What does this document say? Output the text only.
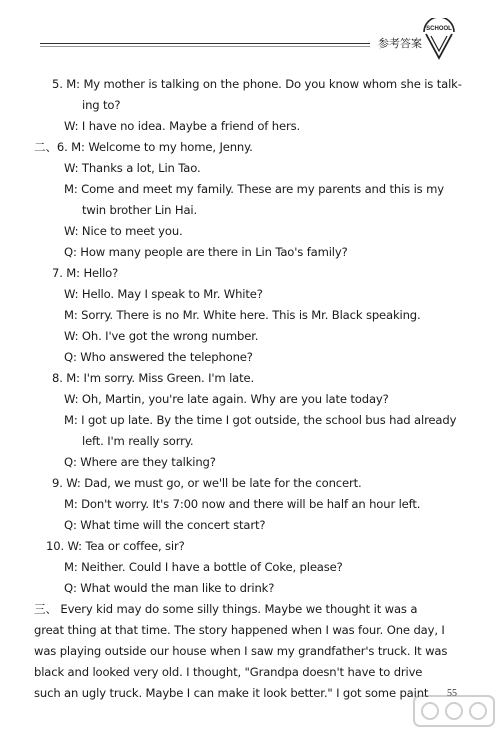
参考答案
SCHOOL
5. M: My mother is talking on the phone. Do you know whom she is talk-
ing to?
W: I have no idea. Maybe a friend of hers.
二、6. M: Welcome to my home, Jenny.
W: Thanks a lot, Lin Tao.
M: Come and meet my family. These are my parents and this is my
twin brother Lin Hai.
W: Nice to meet you.
Q: How many people are there in Lin Tao's family?
7. M: Hello?
W: Hello. May I speak to Mr. White?
M: Sorry. There is no Mr. White here. This is Mr. Black speaking.
W: Oh. I've got the wrong number.
Q: Who answered the telephone?
8. M: I'm sorry. Miss Green. I'm late.
W: Oh, Martin, you're late again. Why are you late today?
M: I got up late. By the time I got outside, the school bus had already
left. I'm really sorry.
Q: Where are they talking?
9. W: Dad, we must go, or we'll be late for the concert.
M: Don't worry. It's 7:00 now and there will be half an hour left.
Q: What time will the concert start?
10. W: Tea or coffee, sir?
M: Neither. Could I have a bottle of Coke, please?
Q: What would the man like to drink?
三、 Every kid may do some silly things. Maybe we thought it was a
great thing at that time. The story happened when I was four. One day, I
was playing outside our house when I saw my grandfather's truck. It was
black and looked very old. I thought, "Grandpa doesn't have to drive
such an ugly truck. Maybe I can make it look better." I got some paint 55
